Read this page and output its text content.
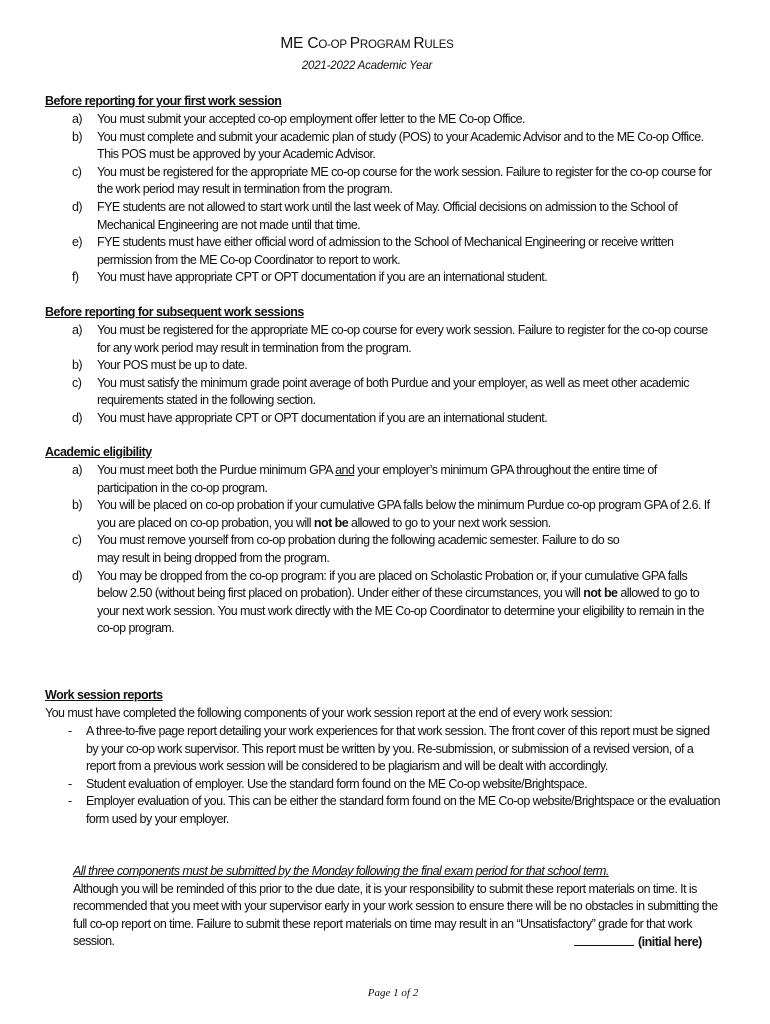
ME CO-OP PROGRAM RULES
2021-2022 Academic Year
Before reporting for your first work session
a)	You must submit your accepted co-op employment offer letter to the ME Co-op Office.
b)	You must complete and submit your academic plan of study (POS) to your Academic Advisor and to the ME Co-op Office. This POS must be approved by your Academic Advisor.
c)	You must be registered for the appropriate ME co-op course for the work session. Failure to register for the co-op course for the work period may result in termination from the program.
d)	FYE students are not allowed to start work until the last week of May. Official decisions on admission to the School of Mechanical Engineering are not made until that time.
e)	FYE students must have either official word of admission to the School of Mechanical Engineering or receive written permission from the ME Co-op Coordinator to report to work.
f)	You must have appropriate CPT or OPT documentation if you are an international student.
Before reporting for subsequent work sessions
a)	You must be registered for the appropriate ME co-op course for every work session. Failure to register for the co-op course for any work period may result in termination from the program.
b)	Your POS must be up to date.
c)	You must satisfy the minimum grade point average of both Purdue and your employer, as well as meet other academic requirements stated in the following section.
d)	You must have appropriate CPT or OPT documentation if you are an international student.
Academic eligibility
a)	You must meet both the Purdue minimum GPA and your employer’s minimum GPA throughout the entire time of participation in the co-op program.
b)	You will be placed on co-op probation if your cumulative GPA falls below the minimum Purdue co-op program GPA of 2.6. If you are placed on co-op probation, you will not be allowed to go to your next work session.
c)	You must remove yourself from co-op probation during the following academic semester. Failure to do so
may result in being dropped from the program.
d)	You may be dropped from the co-op program: if you are placed on Scholastic Probation or, if your cumulative GPA falls below 2.50 (without being first placed on probation). Under either of these circumstances, you will not be allowed to go to your next work session. You must work directly with the ME Co-op Coordinator to determine your eligibility to remain in the co-op program.
Work session reports
You must have completed the following components of your work session report at the end of every work session:
- A three-to-five page report detailing your work experiences for that work session. The front cover of this report must be signed by your co-op work supervisor. This report must be written by you. Re-submission, or submission of a revised version, of a report from a previous work session will be considered to be plagiarism and will be dealt with accordingly.
- Student evaluation of employer. Use the standard form found on the ME Co-op website/Brightspace.
- Employer evaluation of you. This can be either the standard form found on the ME Co-op website/Brightspace or the evaluation form used by your employer.
All three components must be submitted by the Monday following the final exam period for that school term.
Although you will be reminded of this prior to the due date, it is your responsibility to submit these report materials on time. It is recommended that you meet with your supervisor early in your work session to ensure there will be no obstacles in submitting the full co-op report on time. Failure to submit these report materials on time may result in an “Unsatisfactory” grade for that work session.	(initial here)
Page 1 of 2
